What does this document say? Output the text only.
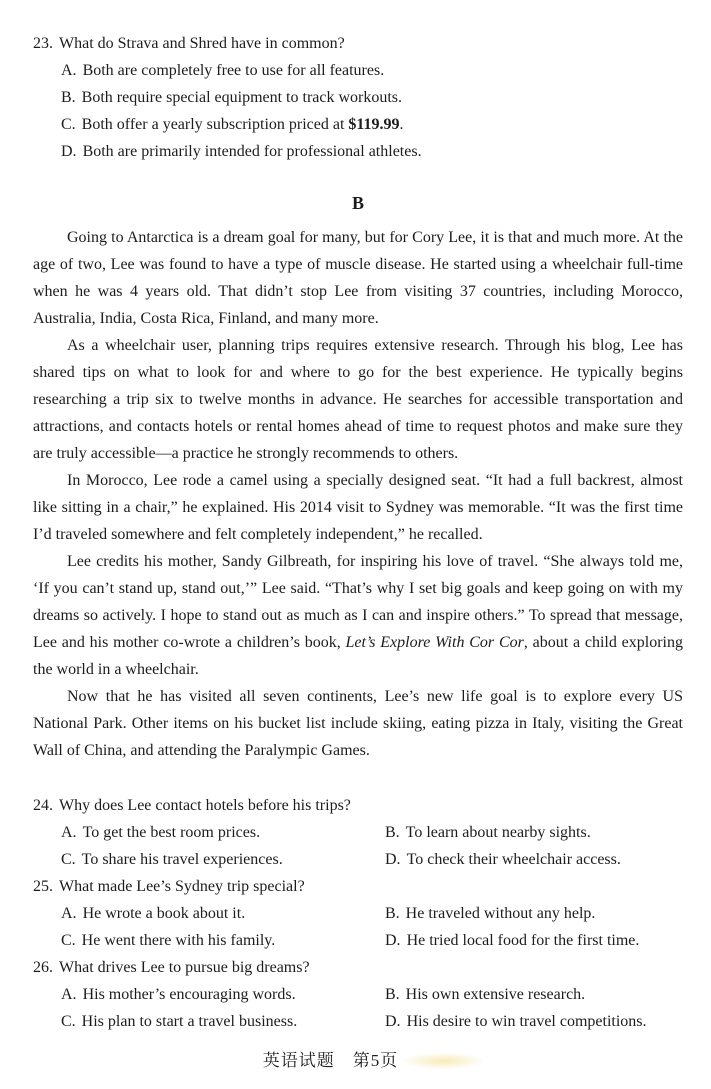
23. What do Strava and Shred have in common?
A. Both are completely free to use for all features.
B. Both require special equipment to track workouts.
C. Both offer a yearly subscription priced at $119.99.
D. Both are primarily intended for professional athletes.
B

Going to Antarctica is a dream goal for many, but for Cory Lee, it is that and much more. At the age of two, Lee was found to have a type of muscle disease. He started using a wheelchair full-time when he was 4 years old. That didn’t stop Lee from visiting 37 countries, including Morocco, Australia, India, Costa Rica, Finland, and many more.

As a wheelchair user, planning trips requires extensive research. Through his blog, Lee has shared tips on what to look for and where to go for the best experience. He typically begins researching a trip six to twelve months in advance. He searches for accessible transportation and attractions, and contacts hotels or rental homes ahead of time to request photos and make sure they are truly accessible—a practice he strongly recommends to others.

In Morocco, Lee rode a camel using a specially designed seat. “It had a full backrest, almost like sitting in a chair,” he explained. His 2014 visit to Sydney was memorable. “It was the first time I’d traveled somewhere and felt completely independent,” he recalled.

Lee credits his mother, Sandy Gilbreath, for inspiring his love of travel. “She always told me, ‘If you can’t stand up, stand out,’” Lee said. “That’s why I set big goals and keep going on with my dreams so actively. I hope to stand out as much as I can and inspire others.” To spread that message, Lee and his mother co-wrote a children’s book, Let’s Explore With Cor Cor, about a child exploring the world in a wheelchair.

Now that he has visited all seven continents, Lee’s new life goal is to explore every US National Park. Other items on his bucket list include skiing, eating pizza in Italy, visiting the Great Wall of China, and attending the Paralympic Games.

24. Why does Lee contact hotels before his trips?
A. To get the best room prices.	B. To learn about nearby sights.
C. To share his travel experiences.	D. To check their wheelchair access.
25. What made Lee’s Sydney trip special?
A. He wrote a book about it.	B. He traveled without any help.
C. He went there with his family.	D. He tried local food for the first time.
26. What drives Lee to pursue big dreams?
A. His mother’s encouraging words.	B. His own extensive research.
C. His plan to start a travel business.	D. His desire to win travel competitions.
英语试题　第5页
